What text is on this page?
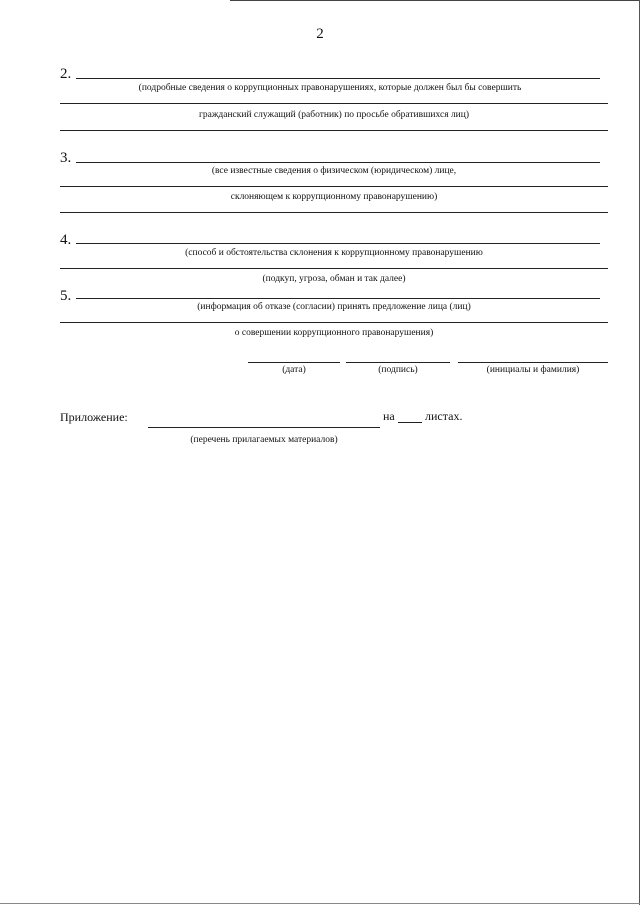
2
2.
(подробные сведения о коррупционных правонарушениях, которые должен был бы совершить
гражданский служащий (работник) по просьбе обратившихся лиц)
3.
(все известные сведения о физическом (юридическом) лице,
склоняющем к коррупционному правонарушению)
4.
(способ и обстоятельства склонения к коррупционному правонарушению
(подкуп, угроза, обман и так далее)
5.
(информация об отказе (согласии) принять предложение лица (лиц)
о совершении коррупционного правонарушения)
(дата)	(подпись)	(инициалы и фамилия)
Приложение:	на	листах.
(перечень прилагаемых материалов)
